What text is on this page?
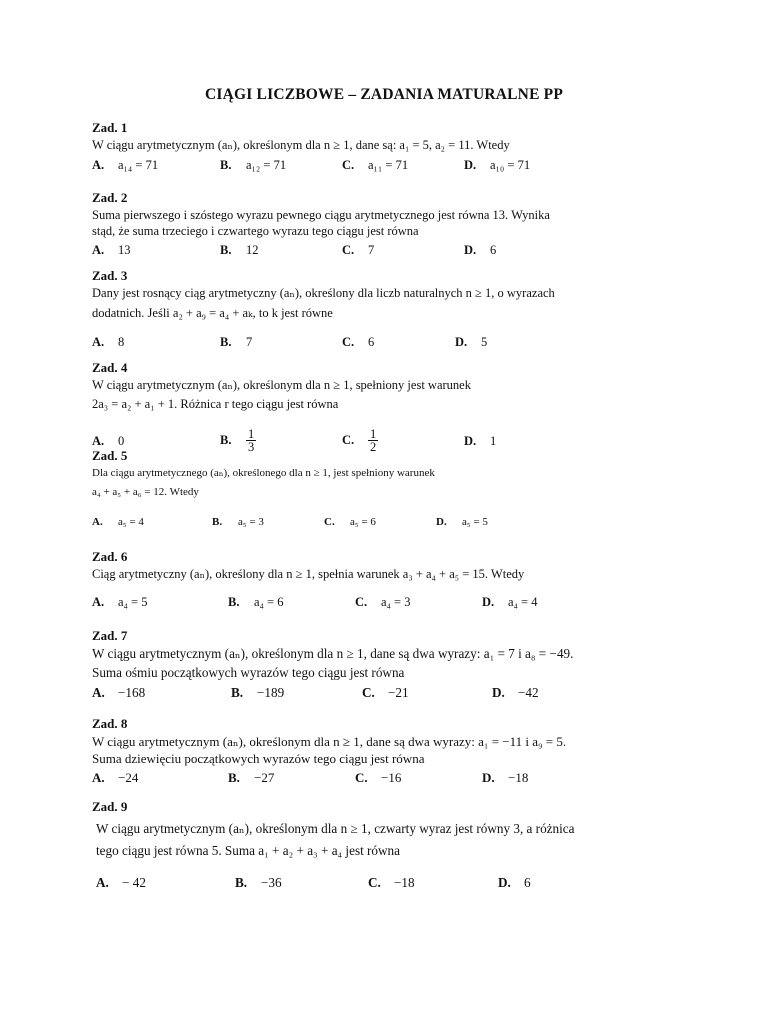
CIĄGI LICZBOWE – ZADANIA MATURALNE PP
Zad. 1
W ciągu arytmetycznym (aₙ), określonym dla n ≥ 1, dane są: a₁ = 5, a₂ = 11. Wtedy
A. a₁₄ = 71	B. a₁₂ = 71	C. a₁₁ = 71	D. a₁₀ = 71
Zad. 2
Suma pierwszego i szóstego wyrazu pewnego ciągu arytmetycznego jest równa 13. Wynika
stąd, że suma trzeciego i czwartego wyrazu tego ciągu jest równa
A. 13	B. 12	C. 7	D. 6
Zad. 3
Dany jest rosnący ciąg arytmetyczny (aₙ), określony dla liczb naturalnych n ≥ 1, o wyrazach
dodatnich. Jeśli a₂ + a₉ = a₄ + aₖ, to k jest równe
A. 8	B. 7	C. 6	D. 5
Zad. 4
W ciągu arytmetycznym (aₙ), określonym dla n ≥ 1, spełniony jest warunek
2a₃ = a₂ + a₁ + 1. Różnica r tego ciągu jest równa
A. 0	B. $\frac{1}{3}$	C. $\frac{1}{2}$	D. 1
Zad. 5
Dla ciągu arytmetycznego (aₙ), określonego dla n ≥ 1, jest spełniony warunek
a₄ + a₅ + a₆ = 12. Wtedy
A. a₅ = 4	B. a₅ = 3	C. a₅ = 6	D. a₅ = 5
Zad. 6
Ciąg arytmetyczny (aₙ), określony dla n ≥ 1, spełnia warunek a₃ + a₄ + a₅ = 15. Wtedy
A. a₄ = 5	B. a₄ = 6	C. a₄ = 3	D. a₄ = 4
Zad. 7
W ciągu arytmetycznym (aₙ), określonym dla n ≥ 1, dane są dwa wyrazy: a₁ = 7 i a₈ = −49.
Suma ośmiu początkowych wyrazów tego ciągu jest równa
A. −168	B. −189	C. −21	D. −42
Zad. 8
W ciągu arytmetycznym (aₙ), określonym dla n ≥ 1, dane są dwa wyrazy: a₁ = −11 i a₉ = 5.
Suma dziewięciu początkowych wyrazów tego ciągu jest równa
A. −24	B. −27	C. −16	D. −18
Zad. 9
W ciągu arytmetycznym (aₙ), określonym dla n ≥ 1, czwarty wyraz jest równy 3, a różnica
tego ciągu jest równa 5. Suma a₁ + a₂ + a₃ + a₄ jest równa
A. − 42	B. −36	C. −18	D. 6
